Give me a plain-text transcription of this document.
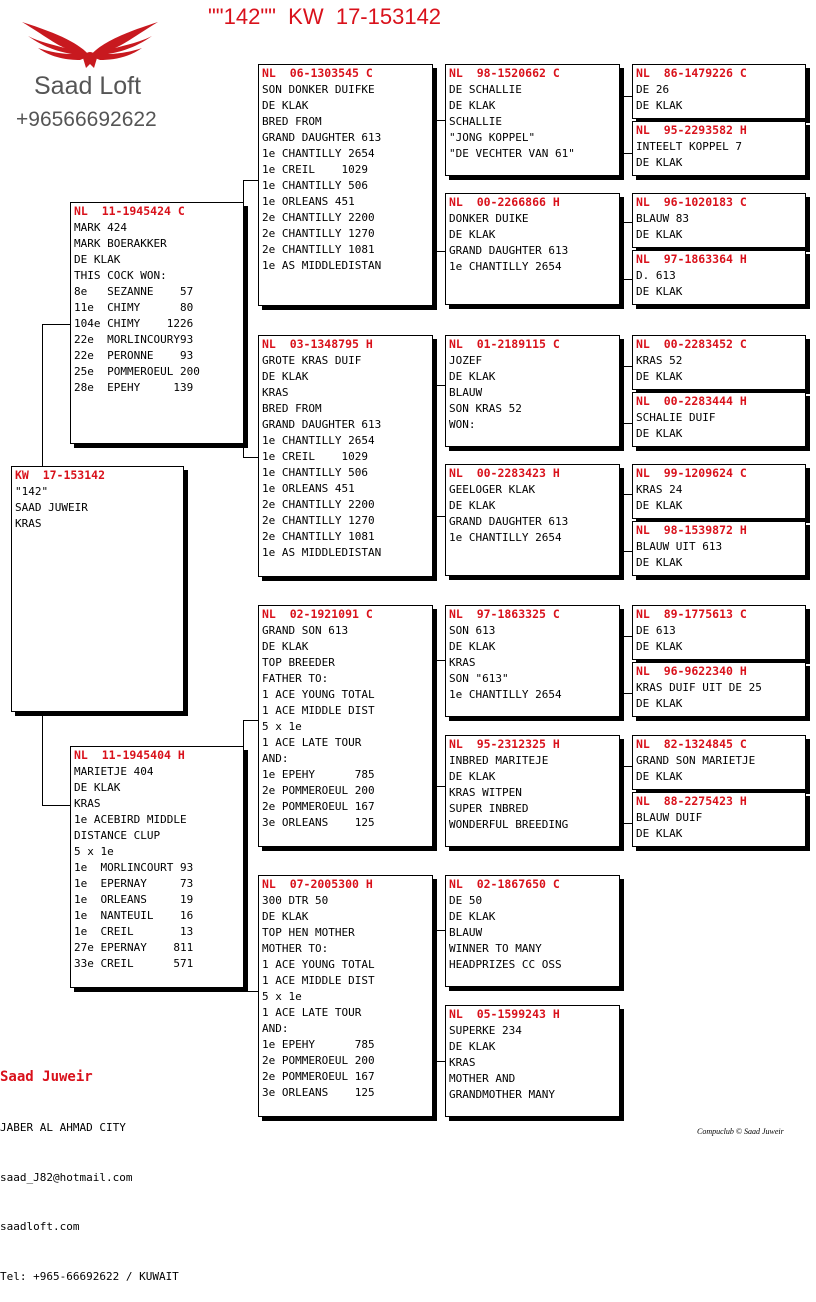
""142""  KW  17-153142
Saad Loft
+96566692622
KW  17-153142
"142"
SAAD JUWEIR
KRAS
NL  11-1945424 C
MARK 424
MARK BOERAKKER
DE KLAK
THIS COCK WON:
8e   SEZANNE    57
11e  CHIMY      80
104e CHIMY    1226
22e  MORLINCOURY93
22e  PERONNE    93
25e  POMMEROEUL 200
28e  EPEHY     139
NL  11-1945404 H
MARIETJE 404
DE KLAK
KRAS
1e ACEBIRD MIDDLE
DISTANCE CLUP
5 x 1e
1e  MORLINCOURT 93
1e  EPERNAY     73
1e  ORLEANS     19
1e  NANTEUIL    16
1e  CREIL       13
27e EPERNAY    811
33e CREIL      571
NL  06-1303545 C
SON DONKER DUIFKE
DE KLAK
BRED FROM
GRAND DAUGHTER 613
1e CHANTILLY 2654
1e CREIL    1029
1e CHANTILLY 506
1e ORLEANS 451
2e CHANTILLY 2200
2e CHANTILLY 1270
2e CHANTILLY 1081
1e AS MIDDLEDISTAN
NL  03-1348795 H
GROTE KRAS DUIF
DE KLAK
KRAS
BRED FROM
GRAND DAUGHTER 613
1e CHANTILLY 2654
1e CREIL    1029
1e CHANTILLY 506
1e ORLEANS 451
2e CHANTILLY 2200
2e CHANTILLY 1270
2e CHANTILLY 1081
1e AS MIDDLEDISTAN
NL  02-1921091 C
GRAND SON 613
DE KLAK
TOP BREEDER
FATHER TO:
1 ACE YOUNG TOTAL
1 ACE MIDDLE DIST
5 x 1e
1 ACE LATE TOUR
AND:
1e EPEHY      785
2e POMMEROEUL 200
2e POMMEROEUL 167
3e ORLEANS    125
NL  07-2005300 H
300 DTR 50
DE KLAK
TOP HEN MOTHER
MOTHER TO:
1 ACE YOUNG TOTAL
1 ACE MIDDLE DIST
5 x 1e
1 ACE LATE TOUR
AND:
1e EPEHY      785
2e POMMEROEUL 200
2e POMMEROEUL 167
3e ORLEANS    125
NL  98-1520662 C
DE SCHALLIE
DE KLAK
SCHALLIE
"JONG KOPPEL"
"DE VECHTER VAN 61"
NL  00-2266866 H
DONKER DUIKE
DE KLAK
GRAND DAUGHTER 613
1e CHANTILLY 2654
NL  01-2189115 C
JOZEF
DE KLAK
BLAUW
SON KRAS 52
WON:
NL  00-2283423 H
GEELOGER KLAK
DE KLAK
GRAND DAUGHTER 613
1e CHANTILLY 2654
NL  97-1863325 C
SON 613
DE KLAK
KRAS
SON "613"
1e CHANTILLY 2654
NL  95-2312325 H
INBRED MARITEJE
DE KLAK
KRAS WITPEN
SUPER INBRED
WONDERFUL BREEDING
NL  02-1867650 C
DE 50
DE KLAK
BLAUW
WINNER TO MANY
HEADPRIZES CC OSS
NL  05-1599243 H
SUPERKE 234
DE KLAK
KRAS
MOTHER AND
GRANDMOTHER MANY
NL  86-1479226 C
DE 26
DE KLAK
NL  95-2293582 H
INTEELT KOPPEL 7
DE KLAK
NL  96-1020183 C
BLAUW 83
DE KLAK
NL  97-1863364 H
D. 613
DE KLAK
NL  00-2283452 C
KRAS 52
DE KLAK
NL  00-2283444 H
SCHALIE DUIF
DE KLAK
NL  99-1209624 C
KRAS 24
DE KLAK
NL  98-1539872 H
BLAUW UIT 613
DE KLAK
NL  89-1775613 C
DE 613
DE KLAK
NL  96-9622340 H
KRAS DUIF UIT DE 25
DE KLAK
NL  82-1324845 C
GRAND SON MARIETJE
DE KLAK
NL  88-2275423 H
BLAUW DUIF
DE KLAK

Saad Juweir

JABER AL AHMAD CITY

saad_J82@hotmail.com

saadloft.com

Tel: +965-66692622 / KUWAIT

Compuclub © Saad Juweir
